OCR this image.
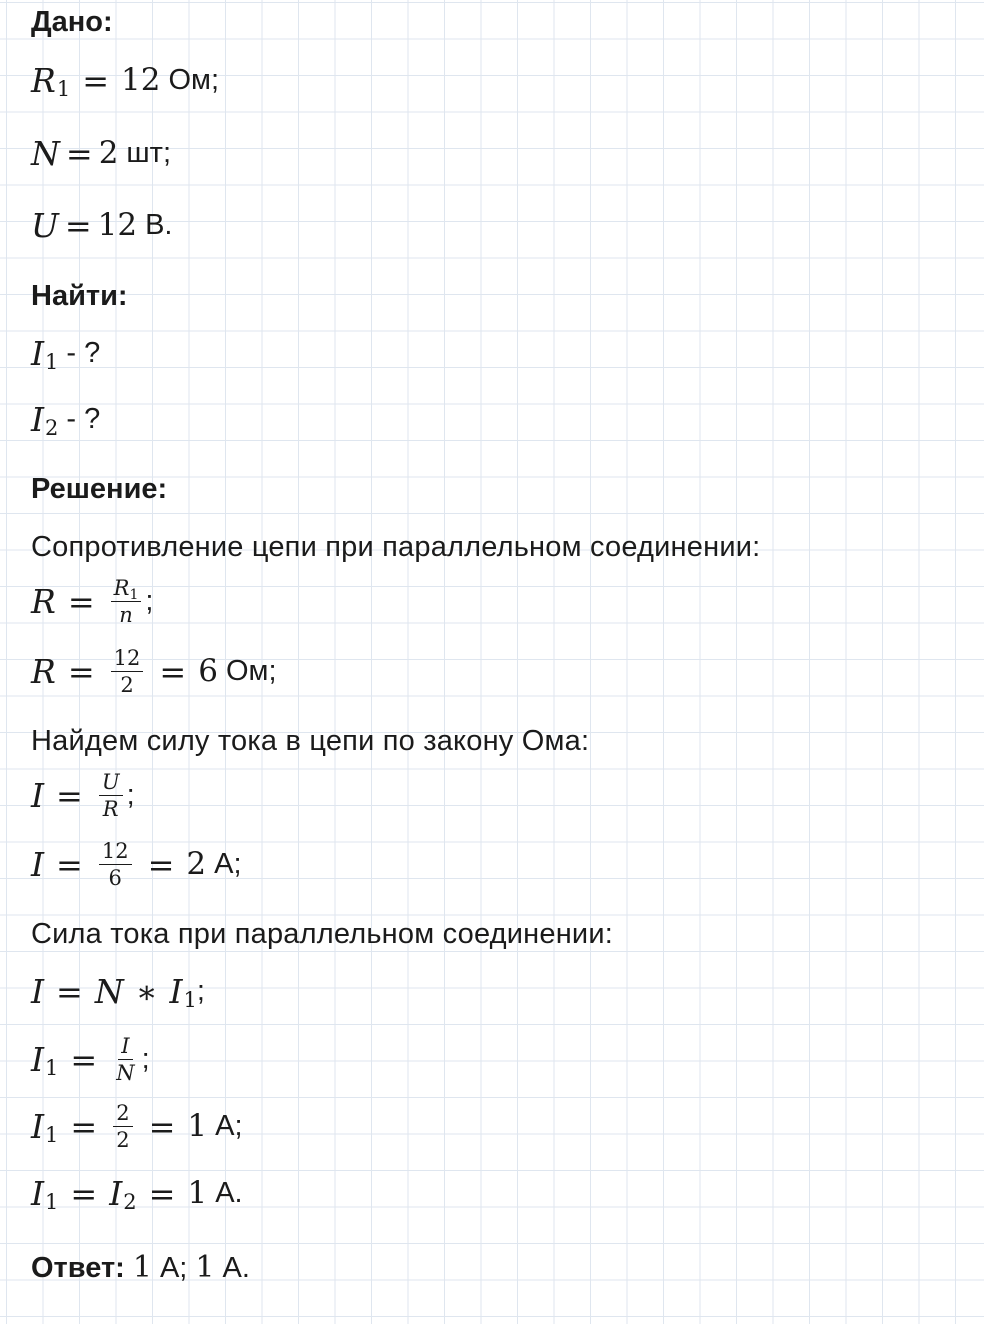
Дано:
R 1 = 12 Ом;
N = 2 шт;
U = 12 В.
Найти:
I 1 - ?
I 2 - ?
Решение:
Сопротивление цепи при параллельном соединении:
$R = \frac{R1}{n}$ ;
$R = \frac{12}{2} = 6$ Ом;
Найдем силу тока в цепи по закону Ома:
$I = \frac{U}{R}$ ;
$I = \frac{12}{6} = 2$ А;
Сила тока при параллельном соединении:
I = N ∗ I 1 ;
I $1 = \frac{I}{N}$ ;
I $1 = \frac{2}{2} = 1$ А;
I 1 = I 2 = 1 А.
Ответ: 1 А; 1 А.
